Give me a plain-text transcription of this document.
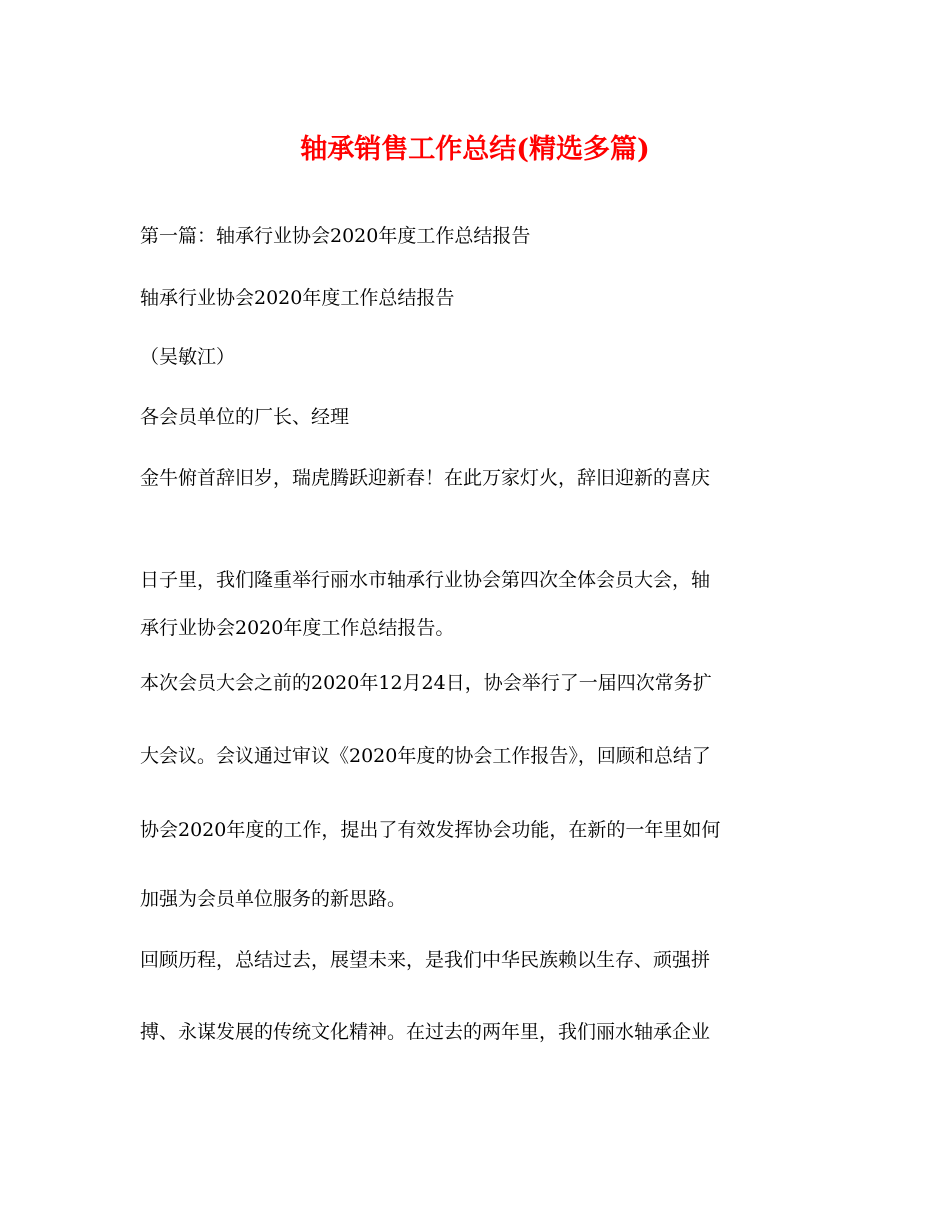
轴承销售工作总结(精选多篇)
第一篇：轴承行业协会2020年度工作总结报告
轴承行业协会2020年度工作总结报告
（吴敏江）
各会员单位的厂长、经理
金牛俯首辞旧岁，瑞虎腾跃迎新春！在此万家灯火，辞旧迎新的喜庆
日子里，我们隆重举行丽水市轴承行业协会第四次全体会员大会，轴
承行业协会2020年度工作总结报告。
本次会员大会之前的2020年12月24日，协会举行了一届四次常务扩
大会议。会议通过审议《2020年度的协会工作报告》，回顾和总结了
协会2020年度的工作，提出了有效发挥协会功能，在新的一年里如何
加强为会员单位服务的新思路。
回顾历程，总结过去，展望未来，是我们中华民族赖以生存、顽强拼
搏、永谋发展的传统文化精神。在过去的两年里，我们丽水轴承企业
